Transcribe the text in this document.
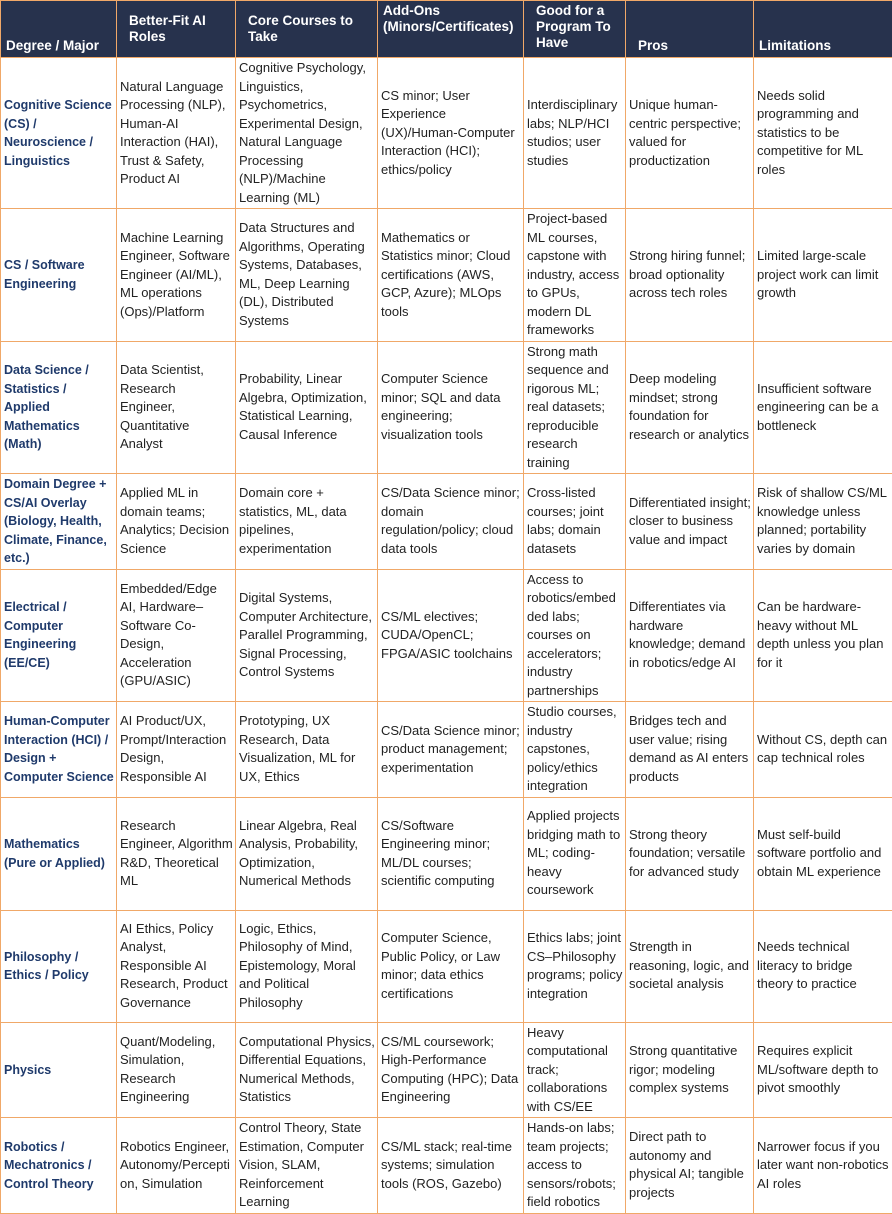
Degree / Major	Better-Fit AI Roles	Core Courses to Take	Add-Ons (Minors/Certificates)	Good for a Program To Have	Pros	Limitations
Cognitive Science (CS) / Neuroscience / Linguistics	Natural Language Processing (NLP), Human-AI Interaction (HAI), Trust & Safety, Product AI	Cognitive Psychology, Linguistics, Psychometrics, Experimental Design, Natural Language Processing (NLP)/Machine Learning (ML)	CS minor; User Experience (UX)/Human-Computer Interaction (HCI); ethics/policy	Interdisciplinary labs; NLP/HCI studios; user studies	Unique human-centric perspective; valued for productization	Needs solid programming and statistics to be competitive for ML roles
CS / Software Engineering	Machine Learning Engineer, Software Engineer (AI/ML), ML operations (Ops)/Platform	Data Structures and Algorithms, Operating Systems, Databases, ML, Deep Learning (DL), Distributed Systems	Mathematics or Statistics minor; Cloud certifications (AWS, GCP, Azure); MLOps tools	Project-based ML courses, capstone with industry, access to GPUs, modern DL frameworks	Strong hiring funnel; broad optionality across tech roles	Limited large-scale project work can limit growth
Data Science / Statistics / Applied Mathematics (Math)	Data Scientist, Research Engineer, Quantitative Analyst	Probability, Linear Algebra, Optimization, Statistical Learning, Causal Inference	Computer Science minor; SQL and data engineering; visualization tools	Strong math sequence and rigorous ML; real datasets; reproducible research training	Deep modeling mindset; strong foundation for research or analytics	Insufficient software engineering can be a bottleneck
Domain Degree + CS/AI Overlay (Biology, Health, Climate, Finance, etc.)	Applied ML in domain teams; Analytics; Decision Science	Domain core + statistics, ML, data pipelines, experimentation	CS/Data Science minor; domain regulation/policy; cloud data tools	Cross-listed courses; joint labs; domain datasets	Differentiated insight; closer to business value and impact	Risk of shallow CS/ML knowledge unless planned; portability varies by domain
Electrical / Computer Engineering (EE/CE)	Embedded/Edge AI, Hardware–Software Co-Design, Acceleration (GPU/ASIC)	Digital Systems, Computer Architecture, Parallel Programming, Signal Processing, Control Systems	CS/ML electives; CUDA/OpenCL; FPGA/ASIC toolchains	Access to robotics/embedded labs; courses on accelerators; industry partnerships	Differentiates via hardware knowledge; demand in robotics/edge AI	Can be hardware-heavy without ML depth unless you plan for it
Human-Computer Interaction (HCI) / Design + Computer Science	AI Product/UX, Prompt/Interaction Design, Responsible AI	Prototyping, UX Research, Data Visualization, ML for UX, Ethics	CS/Data Science minor; product management; experimentation	Studio courses, industry capstones, policy/ethics integration	Bridges tech and user value; rising demand as AI enters products	Without CS, depth can cap technical roles
Mathematics (Pure or Applied)	Research Engineer, Algorithm R&D, Theoretical ML	Linear Algebra, Real Analysis, Probability, Optimization, Numerical Methods	CS/Software Engineering minor; ML/DL courses; scientific computing	Applied projects bridging math to ML; coding-heavy coursework	Strong theory foundation; versatile for advanced study	Must self-build software portfolio and obtain ML experience
Philosophy / Ethics / Policy	AI Ethics, Policy Analyst, Responsible AI Research, Product Governance	Logic, Ethics, Philosophy of Mind, Epistemology, Moral and Political Philosophy	Computer Science, Public Policy, or Law minor; data ethics certifications	Ethics labs; joint CS–Philosophy programs; policy integration	Strength in reasoning, logic, and societal analysis	Needs technical literacy to bridge theory to practice
Physics	Quant/Modeling, Simulation, Research Engineering	Computational Physics, Differential Equations, Numerical Methods, Statistics	CS/ML coursework; High-Performance Computing (HPC); Data Engineering	Heavy computational track; collaborations with CS/EE	Strong quantitative rigor; modeling complex systems	Requires explicit ML/software depth to pivot smoothly
Robotics / Mechatronics / Control Theory	Robotics Engineer, Autonomy/Perception, Simulation	Control Theory, State Estimation, Computer Vision, SLAM, Reinforcement Learning	CS/ML stack; real-time systems; simulation tools (ROS, Gazebo)	Hands-on labs; team projects; access to sensors/robots; field robotics	Direct path to autonomy and physical AI; tangible projects	Narrower focus if you later want non-robotics AI roles
